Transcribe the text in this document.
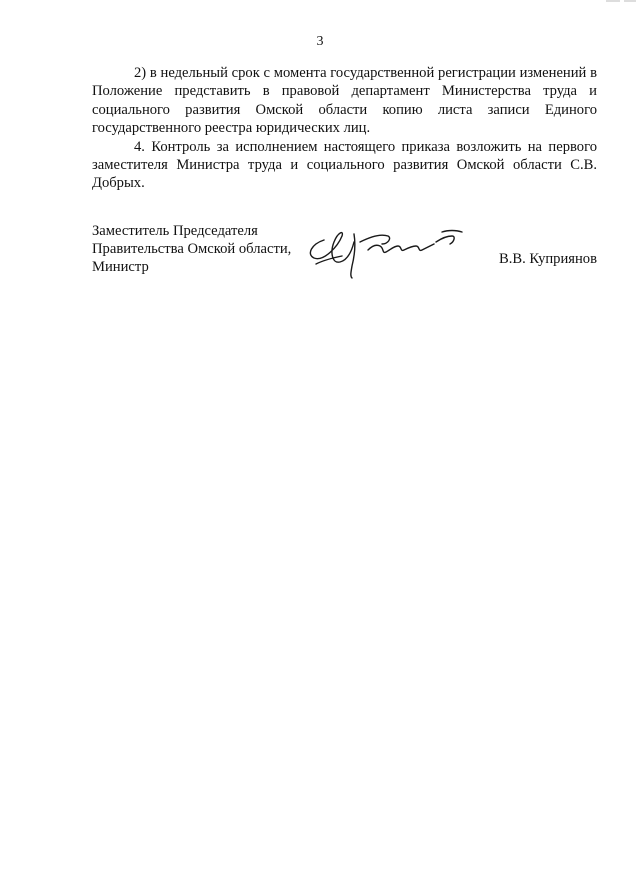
3

2) в недельный срок с момента государственной регистрации изменений в Положение представить в правовой департамент Министерства труда и социального развития Омской области копию листа записи Единого государственного реестра юридических лиц.

4. Контроль за исполнением настоящего приказа возложить на первого заместителя Министра труда и социального развития Омской области С.В. Добрых.

Заместитель Председателя
Правительства Омской области,
Министр	В.В. Куприянов
